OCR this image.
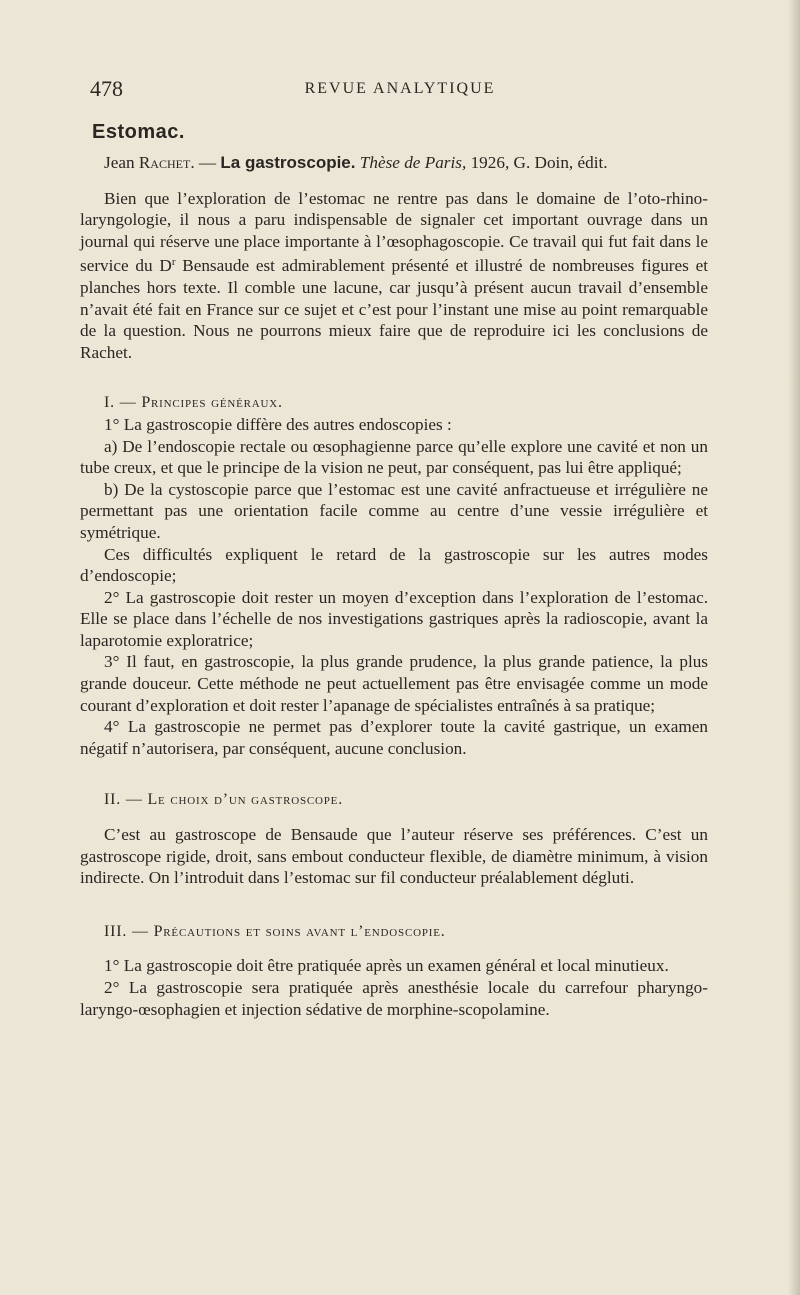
478	REVUE ANALYTIQUE
Estomac.

Jean Rachet. — La gastroscopie. Thèse de Paris, 1926, G. Doin, édit.

Bien que l’exploration de l’estomac ne rentre pas dans le domaine de l’oto-rhino-laryngologie, il nous a paru indispensable de signaler cet important ouvrage dans un journal qui réserve une place importante à l’œsophagoscopie. Ce travail qui fut fait dans le service du $D^r$ Bensaude est admirablement présenté et illustré de nombreuses figures et planches hors texte. Il comble une lacune, car jusqu’à présent aucun travail d’ensemble n’avait été fait en France sur ce sujet et c’est pour l’instant une mise au point remarquable de la question. Nous ne pourrons mieux faire que de reproduire ici les conclusions de Rachet.

I. — Principes généraux.

1° La gastroscopie diffère des autres endoscopies :

a) De l’endoscopie rectale ou œsophagienne parce qu’elle explore une cavité et non un tube creux, et que le principe de la vision ne peut, par conséquent, pas lui être appliqué;

b) De la cystoscopie parce que l’estomac est une cavité anfractueuse et irrégulière ne permettant pas une orientation facile comme au centre d’une vessie irrégulière et symétrique.

Ces difficultés expliquent le retard de la gastroscopie sur les autres modes d’endoscopie;

2° La gastroscopie doit rester un moyen d’exception dans l’exploration de l’estomac. Elle se place dans l’échelle de nos investigations gastriques après la radioscopie, avant la laparotomie exploratrice;

3° Il faut, en gastroscopie, la plus grande prudence, la plus grande patience, la plus grande douceur. Cette méthode ne peut actuellement pas être envisagée comme un mode courant d’exploration et doit rester l’apanage de spécialistes entraînés à sa pratique;

4° La gastroscopie ne permet pas d’explorer toute la cavité gastrique, un examen négatif n’autorisera, par conséquent, aucune conclusion.

II. — Le choix d’un gastroscope.

C’est au gastroscope de Bensaude que l’auteur réserve ses préférences. C’est un gastroscope rigide, droit, sans embout conducteur flexible, de diamètre minimum, à vision indirecte. On l’introduit dans l’estomac sur fil conducteur préalablement dégluti.

III. — Précautions et soins avant l’endoscopie.

1° La gastroscopie doit être pratiquée après un examen général et local minutieux.

2° La gastroscopie sera pratiquée après anesthésie locale du carrefour pharyngo-laryngo-œsophagien et injection sédative de morphine-scopolamine.
